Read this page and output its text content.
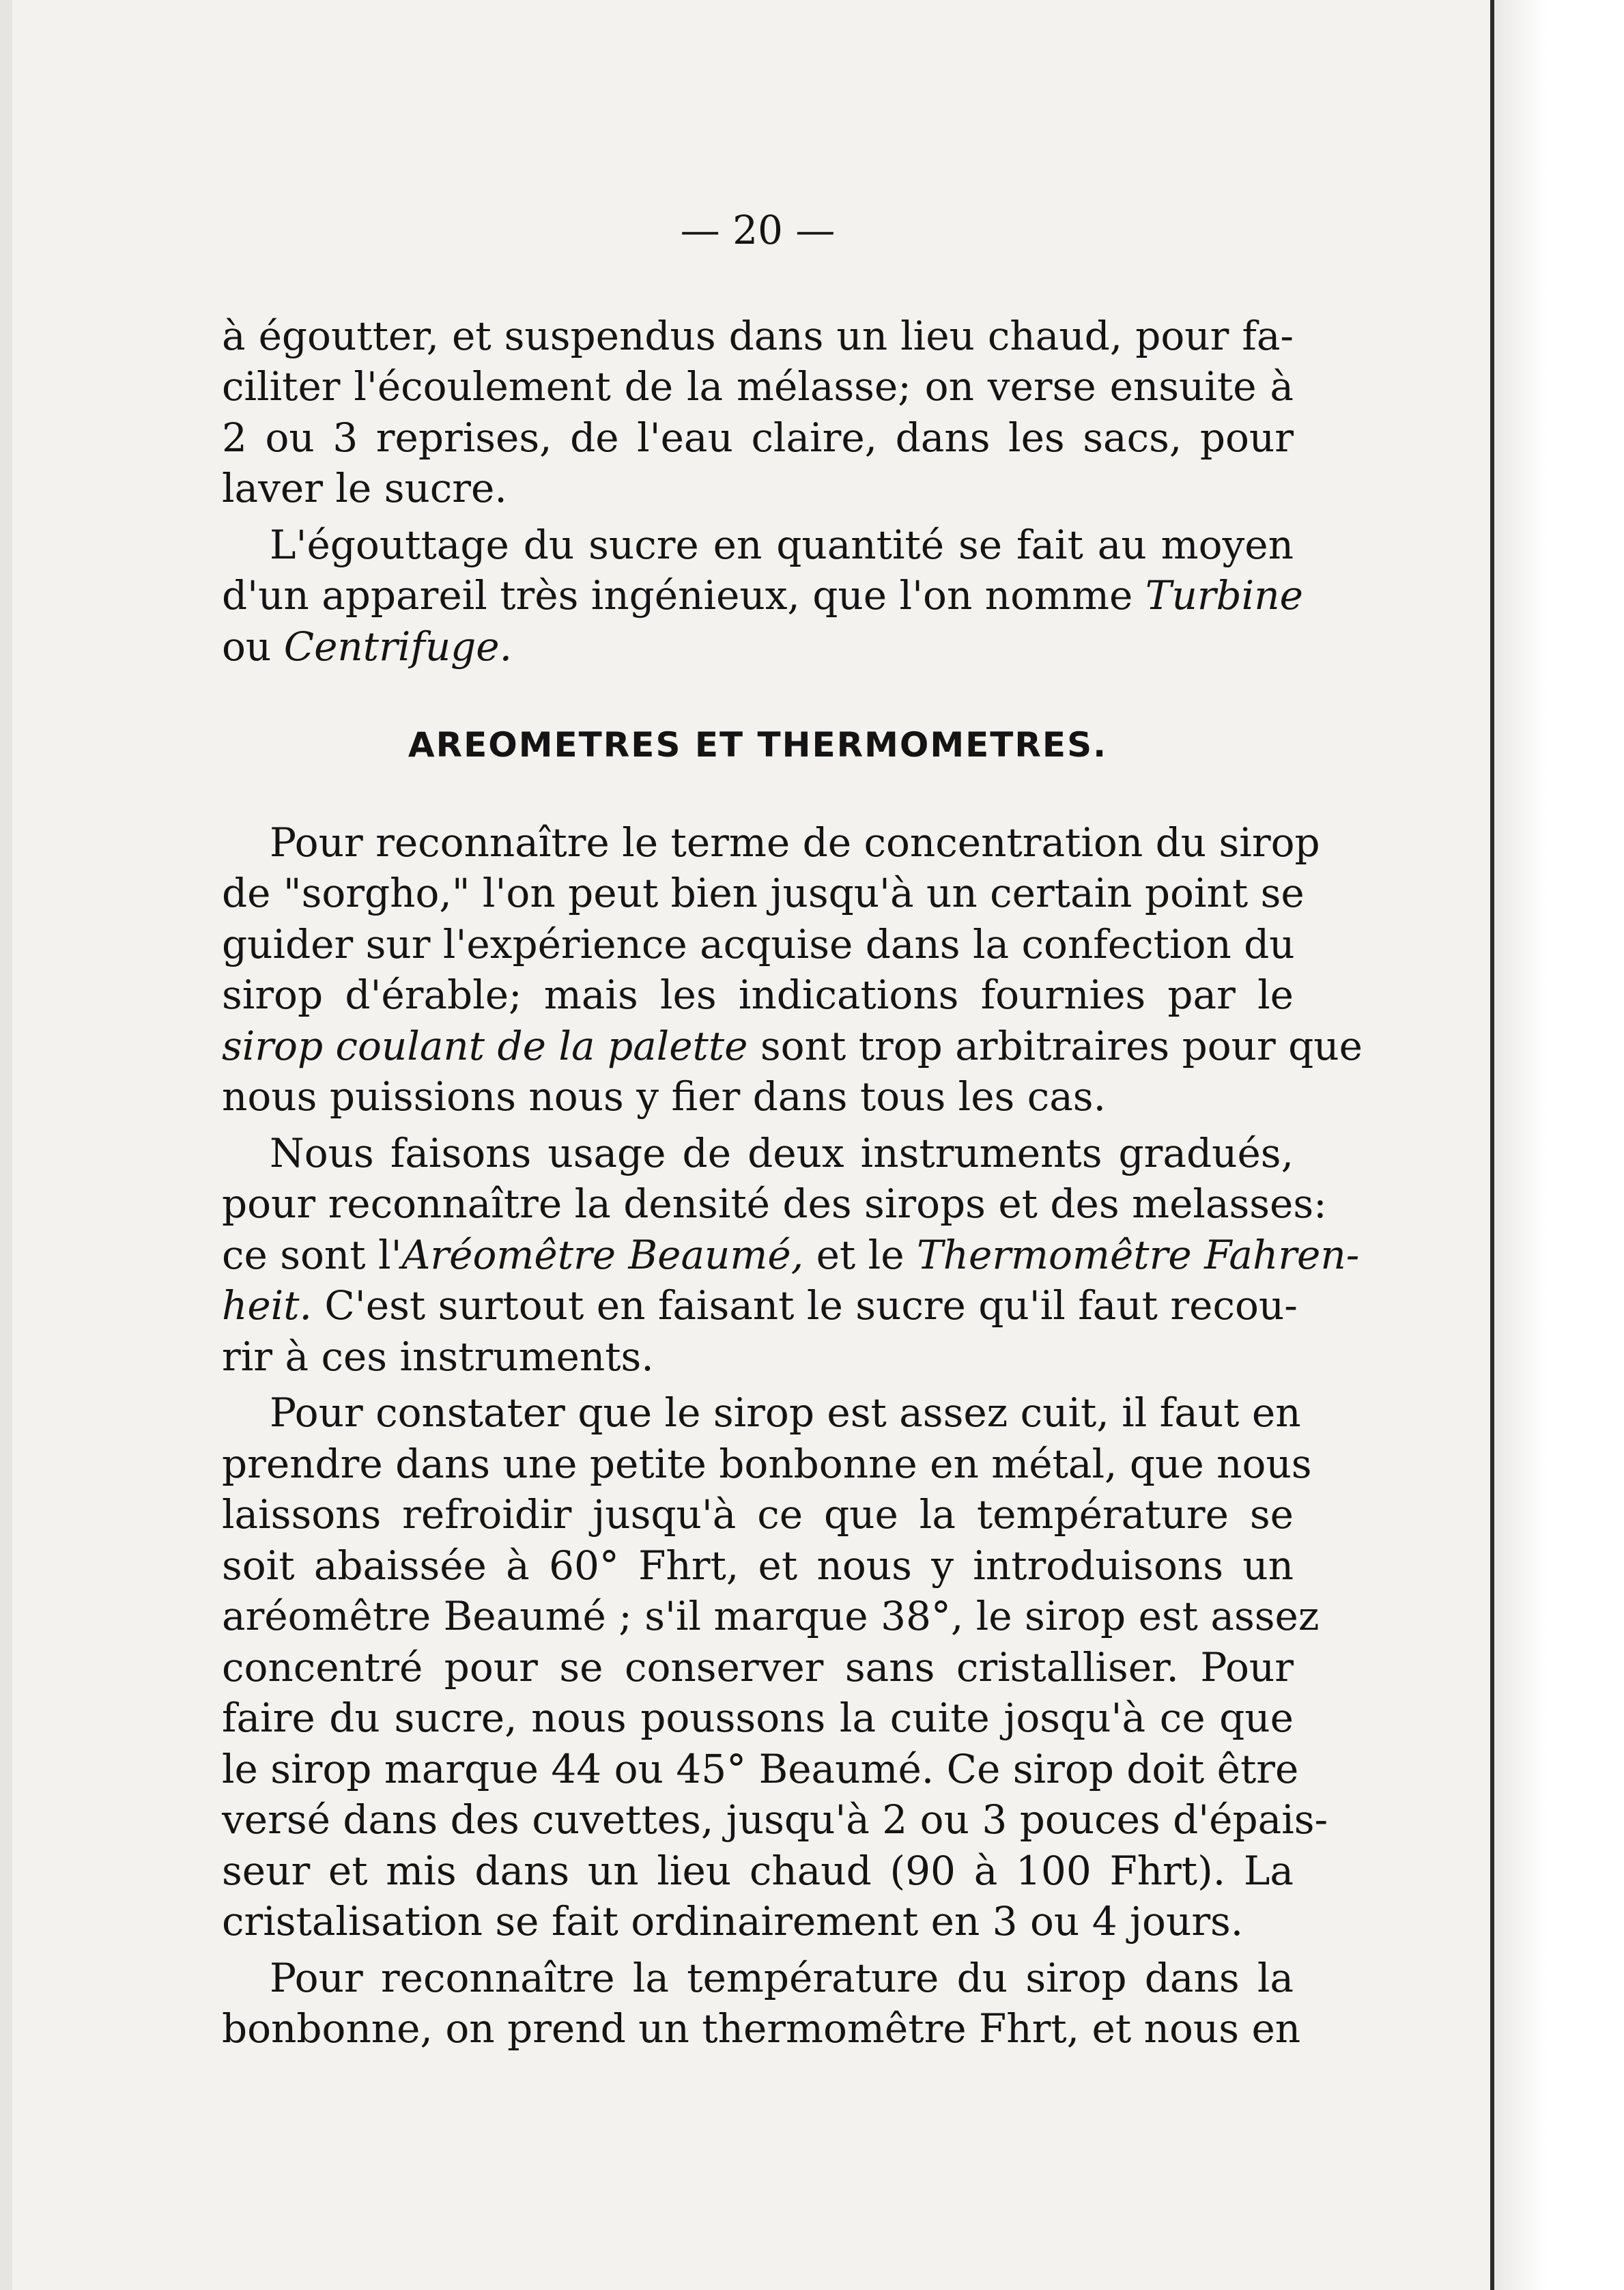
— 20 —
à égoutter, et suspendus dans un lieu chaud, pour fa-
ciliter l'écoulement de la mélasse; on verse ensuite à
2 ou 3 reprises, de l'eau claire, dans les sacs, pour
laver le sucre.
L'égouttage du sucre en quantité se fait au moyen
d'un appareil très ingénieux, que l'on nomme Turbine
ou Centrifuge.
AREOMETRES ET THERMOMETRES.
Pour reconnaître le terme de concentration du sirop
de "sorgho," l'on peut bien jusqu'à un certain point se
guider sur l'expérience acquise dans la confection du
sirop d'érable; mais les indications fournies par le
sirop coulant de la palette sont trop arbitraires pour que
nous puissions nous y fier dans tous les cas.
Nous faisons usage de deux instruments gradués,
pour reconnaître la densité des sirops et des melasses:
ce sont l'Aréomêtre Beaumé, et le Thermomêtre Fahren-
heit. C'est surtout en faisant le sucre qu'il faut recou-
rir à ces instruments.
Pour constater que le sirop est assez cuit, il faut en
prendre dans une petite bonbonne en métal, que nous
laissons refroidir jusqu'à ce que la température se
soit abaissée à 60° Fhrt, et nous y introduisons un
aréomêtre Beaumé ; s'il marque 38°, le sirop est assez
concentré pour se conserver sans cristalliser. Pour
faire du sucre, nous poussons la cuite josqu'à ce que
le sirop marque 44 ou 45° Beaumé. Ce sirop doit être
versé dans des cuvettes, jusqu'à 2 ou 3 pouces d'épais-
seur et mis dans un lieu chaud (90 à 100 Fhrt). La
cristalisation se fait ordinairement en 3 ou 4 jours.
Pour reconnaître la température du sirop dans la
bonbonne, on prend un thermomêtre Fhrt, et nous en
